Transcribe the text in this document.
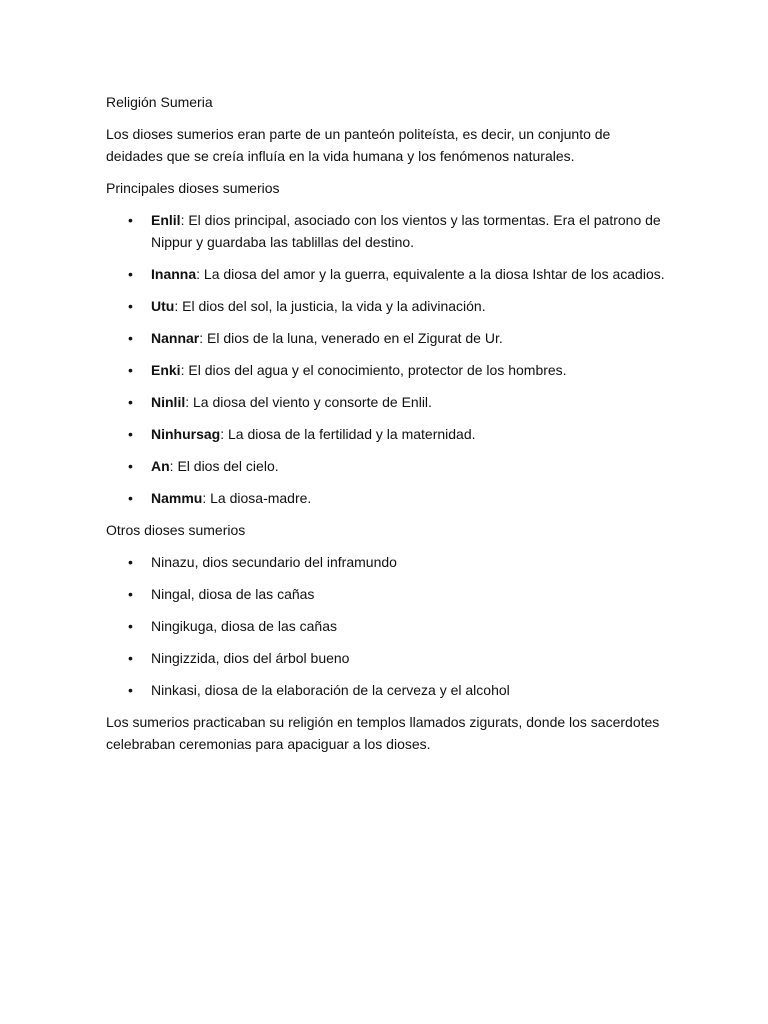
Religión Sumeria

Los dioses sumerios eran parte de un panteón politeísta, es decir, un conjunto de deidades que se creía influía en la vida humana y los fenómenos naturales.

Principales dioses sumerios

• Enlil: El dios principal, asociado con los vientos y las tormentas. Era el patrono de Nippur y guardaba las tablillas del destino.
• Inanna: La diosa del amor y la guerra, equivalente a la diosa Ishtar de los acadios.
• Utu: El dios del sol, la justicia, la vida y la adivinación.
• Nannar: El dios de la luna, venerado en el Zigurat de Ur.
• Enki: El dios del agua y el conocimiento, protector de los hombres.
• Ninlil: La diosa del viento y consorte de Enlil.
• Ninhursag: La diosa de la fertilidad y la maternidad.
• An: El dios del cielo.
• Nammu: La diosa-madre.

Otros dioses sumerios

• Ninazu, dios secundario del inframundo
• Ningal, diosa de las cañas
• Ningikuga, diosa de las cañas
• Ningizzida, dios del árbol bueno
• Ninkasi, diosa de la elaboración de la cerveza y el alcohol

Los sumerios practicaban su religión en templos llamados zigurats, donde los sacerdotes celebraban ceremonias para apaciguar a los dioses.
